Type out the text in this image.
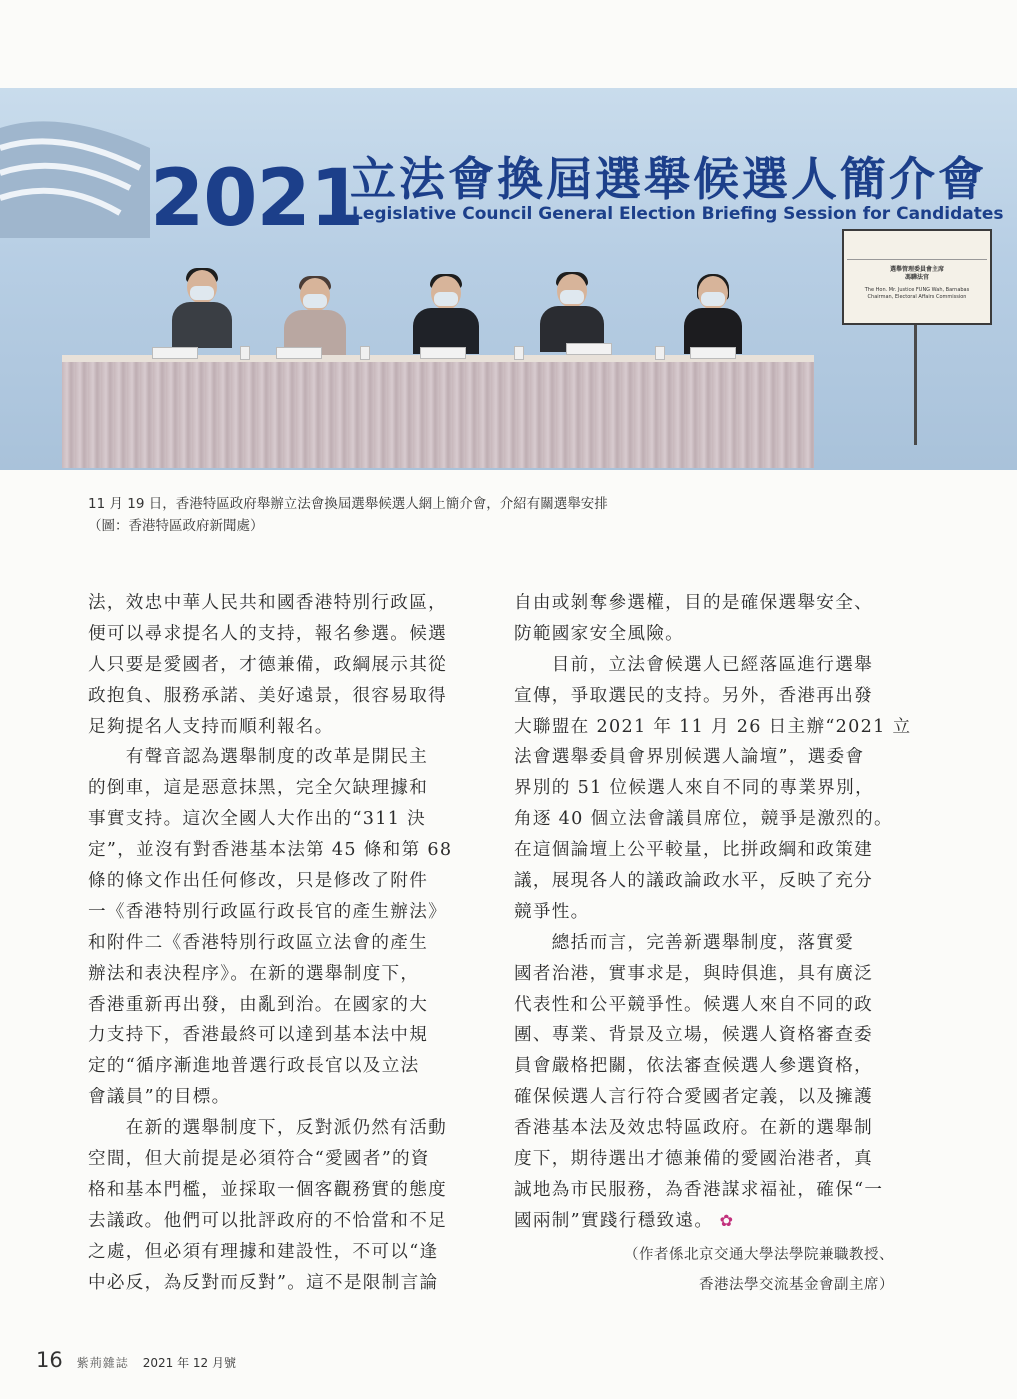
2021
立法會換屆選舉候選人簡介會
Legislative Council General Election Briefing Session for Candidates
選舉管理委員會主席
馮驊法官
The Hon. Mr. Justice FUNG Wah, Barnabas
Chairman, Electoral Affairs Commission
11 月 19 日，香港特區政府舉辦立法會換屆選舉候選人網上簡介會，介紹有關選舉安排
（圖：香港特區政府新聞處）
法，效忠中華人民共和國香港特別行政區，
便可以尋求提名人的支持，報名參選。候選
人只要是愛國者，才德兼備，政綱展示其從
政抱負、服務承諾、美好遠景，很容易取得
足夠提名人支持而順利報名。
　　有聲音認為選舉制度的改革是開民主
的倒車，這是惡意抹黑，完全欠缺理據和
事實支持。這次全國人大作出的“311 決
定”，並沒有對香港基本法第 45 條和第 68
條的條文作出任何修改，只是修改了附件
一《香港特別行政區行政長官的產生辦法》
和附件二《香港特別行政區立法會的產生
辦法和表決程序》。在新的選舉制度下，
香港重新再出發，由亂到治。在國家的大
力支持下，香港最終可以達到基本法中規
定的“循序漸進地普選行政長官以及立法
會議員”的目標。
　　在新的選舉制度下，反對派仍然有活動
空間，但大前提是必須符合“愛國者”的資
格和基本門檻，並採取一個客觀務實的態度
去議政。他們可以批評政府的不恰當和不足
之處，但必須有理據和建設性，不可以“逢
中必反，為反對而反對”。這不是限制言論
自由或剝奪參選權，目的是確保選舉安全、
防範國家安全風險。
　　目前，立法會候選人已經落區進行選舉
宣傳，爭取選民的支持。另外，香港再出發
大聯盟在 2021 年 11 月 26 日主辦“2021 立
法會選舉委員會界別候選人論壇”，選委會
界別的 51 位候選人來自不同的專業界別，
角逐 40 個立法會議員席位，競爭是激烈的。
在這個論壇上公平較量，比拼政綱和政策建
議，展現各人的議政論政水平，反映了充分
競爭性。
　　總括而言，完善新選舉制度，落實愛
國者治港，實事求是，與時俱進，具有廣泛
代表性和公平競爭性。候選人來自不同的政
團、專業、背景及立場，候選人資格審查委
員會嚴格把關，依法審查候選人參選資格，
確保候選人言行符合愛國者定義，以及擁護
香港基本法及效忠特區政府。在新的選舉制
度下，期待選出才德兼備的愛國治港者，真
誠地為市民服務，為香港謀求福祉，確保“一
國兩制”實踐行穩致遠。 ✿
（作者係北京交通大學法學院兼職教授、
香港法學交流基金會副主席）
16 紫荊雜誌 2021 年 12 月號
